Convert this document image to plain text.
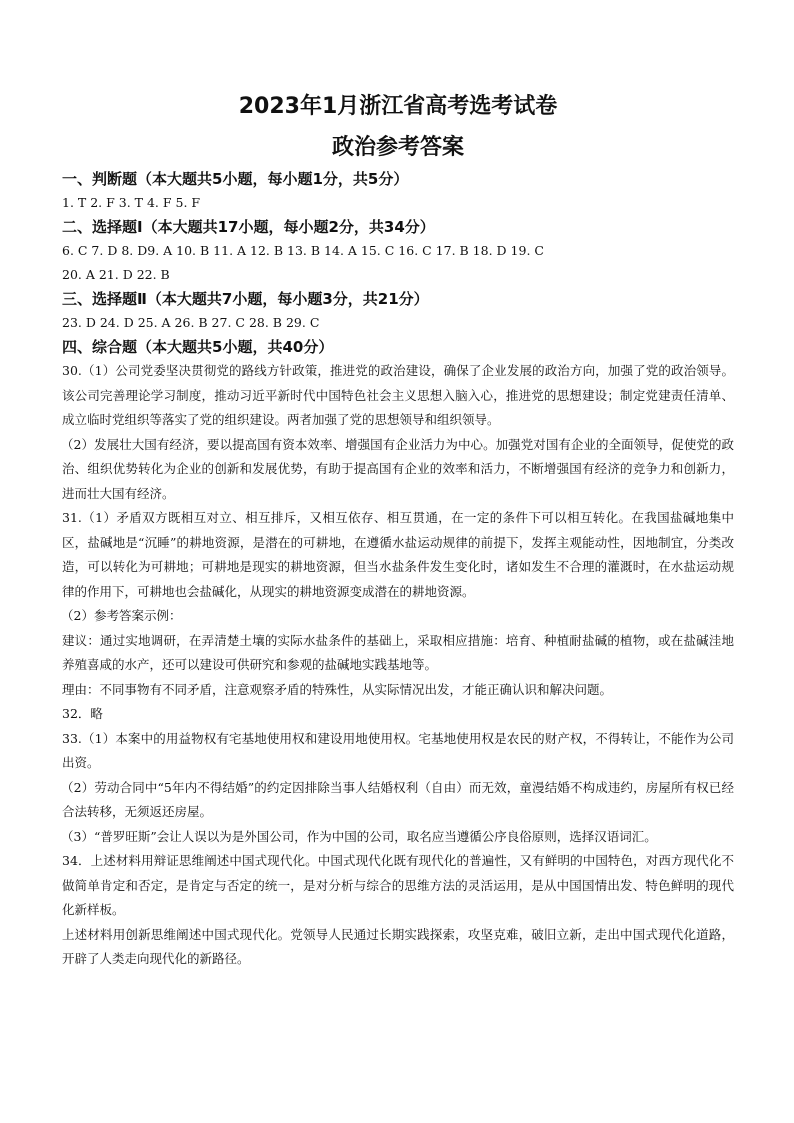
2023年1月浙江省高考选考试卷
政治参考答案

一、判断题（本大题共5小题，每小题1分，共5分）

1. T 2. F 3. T 4. F 5. F

二、选择题Ⅰ（本大题共17小题，每小题2分，共34分）

6. C 7. D 8. D9. A 10. B 11. A 12. B 13. B 14. A 15. C 16. C 17. B 18. D 19. C

20. A 21. D 22. B

三、选择题Ⅱ（本大题共7小题，每小题3分，共21分）

23. D 24. D 25. A 26. B 27. C 28. B 29. C

四、综合题（本大题共5小题，共40分）

30.（1）公司党委坚决贯彻党的路线方针政策，推进党的政治建设，确保了企业发展的政治方向，加强了党的政治领导。该公司完善理论学习制度，推动习近平新时代中国特色社会主义思想入脑入心，推进党的思想建设；制定党建责任清单、成立临时党组织等落实了党的组织建设。两者加强了党的思想领导和组织领导。

（2）发展壮大国有经济，要以提高国有资本效率、增强国有企业活力为中心。加强党对国有企业的全面领导，促使党的政治、组织优势转化为企业的创新和发展优势，有助于提高国有企业的效率和活力，不断增强国有经济的竞争力和创新力，进而壮大国有经济。

31.（1）矛盾双方既相互对立、相互排斥，又相互依存、相互贯通，在一定的条件下可以相互转化。在我国盐碱地集中区，盐碱地是“沉睡”的耕地资源，是潜在的可耕地，在遵循水盐运动规律的前提下，发挥主观能动性，因地制宜，分类改造，可以转化为可耕地；可耕地是现实的耕地资源，但当水盐条件发生变化时，诸如发生不合理的灌溉时，在水盐运动规律的作用下，可耕地也会盐碱化，从现实的耕地资源变成潜在的耕地资源。

（2）参考答案示例：

建议：通过实地调研，在弄清楚土壤的实际水盐条件的基础上，采取相应措施：培育、种植耐盐碱的植物，或在盐碱洼地养殖喜咸的水产，还可以建设可供研究和参观的盐碱地实践基地等。

理由：不同事物有不同矛盾，注意观察矛盾的特殊性，从实际情况出发，才能正确认识和解决问题。

32．略

33.（1）本案中的用益物权有宅基地使用权和建设用地使用权。宅基地使用权是农民的财产权，不得转让，不能作为公司出资。

（2）劳动合同中“5年内不得结婚”的约定因排除当事人结婚权利（自由）而无效，童漫结婚不构成违约，房屋所有权已经合法转移，无须返还房屋。

（3）“普罗旺斯”会让人误以为是外国公司，作为中国的公司，取名应当遵循公序良俗原则，选择汉语词汇。

34．上述材料用辩证思维阐述中国式现代化。中国式现代化既有现代化的普遍性，又有鲜明的中国特色，对西方现代化不做简单肯定和否定，是肯定与否定的统一，是对分析与综合的思维方法的灵活运用，是从中国国情出发、特色鲜明的现代化新样板。

上述材料用创新思维阐述中国式现代化。党领导人民通过长期实践探索，攻坚克难，破旧立新，走出中国式现代化道路，开辟了人类走向现代化的新路径。
